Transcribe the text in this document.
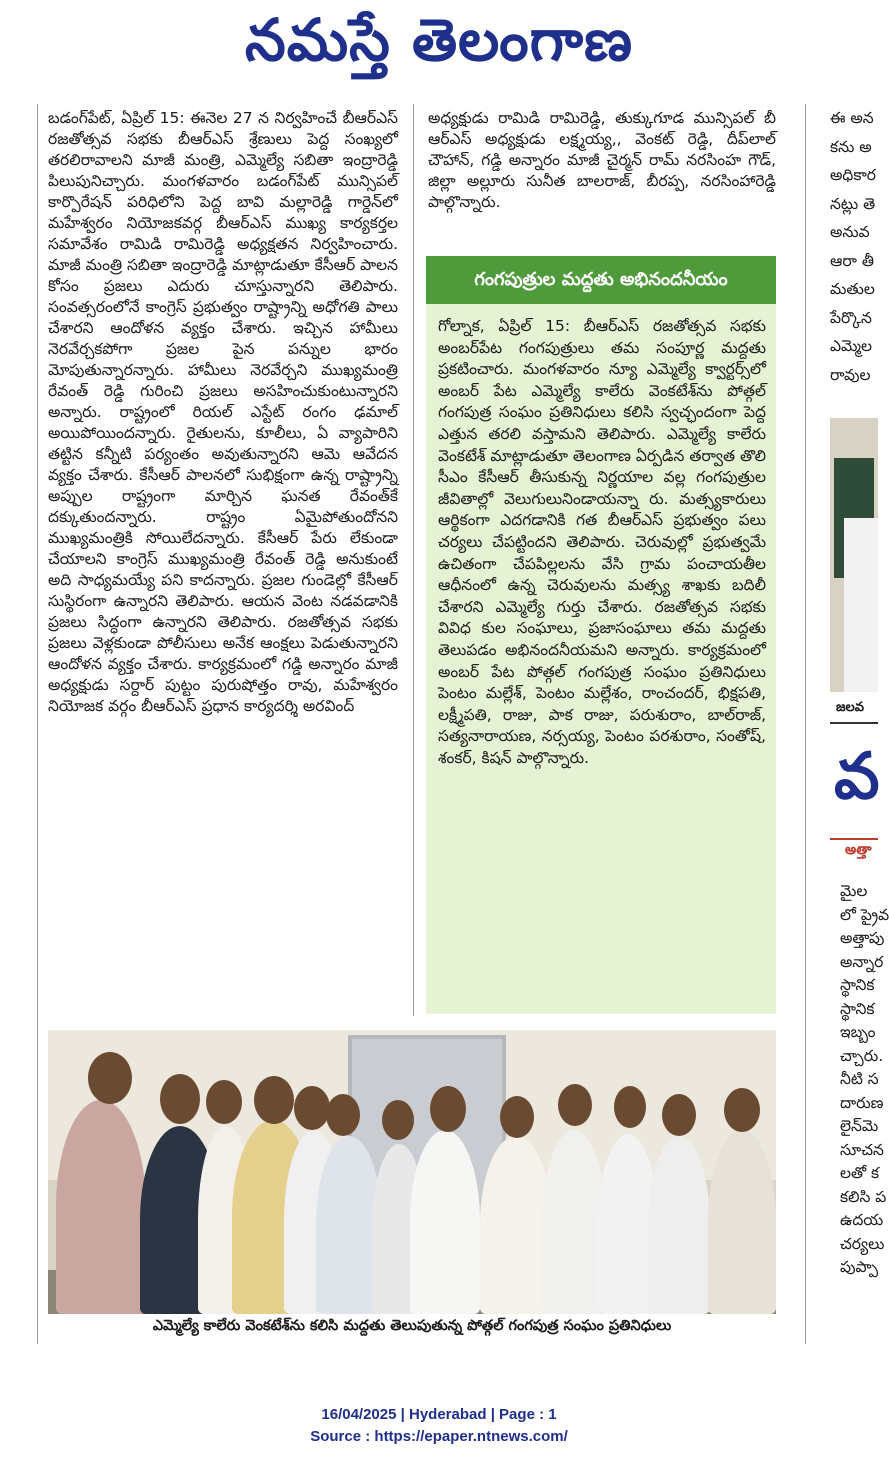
నమస్తే తెలంగాణ

బడంగ్‌పేట్, ఏప్రిల్ 15: ఈనెల 27 న నిర్వహించే బీఆర్ఎస్ రజతోత్సవ సభకు బీఆర్ఎస్ శ్రేణులు పెద్ద సంఖ్యలో తరలిరావాలని మాజీ మంత్రి, ఎమ్మెల్యే సబితా ఇంద్రారెడ్డి పిలుపునిచ్చారు. మంగళవారం బడంగ్‌పేట్ మున్సిపల్ కార్పొరేషన్ పరిధిలోని పెద్ద బావి మల్లారెడ్డి గార్డెన్‌లో మహేశ్వరం నియోజకవర్గ బీఆర్ఎస్ ముఖ్య కార్యకర్తల సమావేశం రామిడి రామిరెడ్డి అధ్యక్షతన నిర్వహించారు. మాజీ మంత్రి సబితా ఇంద్రారెడ్డి మాట్లాడుతూ కేసీఆర్ పాలన కోసం ప్రజలు ఎదురు చూస్తున్నారని తెలిపారు. సంవత్సరంలోనే కాంగ్రెస్ ప్రభుత్వం రాష్ట్రాన్ని అధోగతి పాలు చేశారని ఆందోళన వ్యక్తం చేశారు. ఇచ్చిన హామీలు నెరవేర్చకపోగా ప్రజల పైన పన్నుల భారం మోపుతున్నారన్నారు. హామీలు నెరవేర్చని ముఖ్యమంత్రి రేవంత్ రెడ్డి గురించి ప్రజలు అసహించుకుంటున్నారని అన్నారు. రాష్ట్రంలో రియల్ ఎస్టేట్ రంగం ఢమాల్ అయిపోయిందన్నారు. రైతులను, కూలీలు, ఏ వ్యాపారిని తట్టిన కన్నీటి పర్యంతం అవుతున్నారని ఆమె ఆవేదన వ్యక్తం చేశారు. కేసీఆర్ పాలనలో సుభిక్షంగా ఉన్న రాష్ట్రాన్ని అప్పుల రాష్ట్రంగా మార్చిన ఘనత రేవంత్‌కే దక్కుతుందన్నారు. రాష్ట్రం ఏమైపోతుందోనని ముఖ్యమంత్రికి సోయిలేదన్నారు. కేసీఆర్ పేరు లేకుండా చేయాలని కాంగ్రెస్ ముఖ్యమంత్రి రేవంత్ రెడ్డి అనుకుంటే అది సాధ్యమయ్యే పని కాదన్నారు. ప్రజల గుండెల్లో కేసీఆర్ సుస్థిరంగా ఉన్నారని తెలిపారు. ఆయన వెంట నడవడానికి ప్రజలు సిద్ధంగా ఉన్నారని తెలిపారు. రజతోత్సవ సభకు ప్రజలు వెళ్లకుండా పోలీసులు అనేక ఆంక్షలు పెడుతున్నారని ఆందోళన వ్యక్తం చేశారు. కార్యక్రమంలో గడ్డి అన్నారం మాజీ అధ్యక్షుడు సర్దార్ పుట్టం పురుషోత్తం రావు, మహేశ్వరం నియోజక వర్గం బీఆర్ఎస్ ప్రధాన కార్యదర్శి అరవింద్

అధ్యక్షుడు రామిడి రామిరెడ్డి, తుక్కుగూడ మున్సిపల్ బీ ఆర్ఎస్ అధ్యక్షుడు లక్ష్మయ్య,, వెంకట్ రెడ్డి, దీప్‌లాల్ చౌహాన్, గడ్డి అన్నారం మాజీ చైర్మన్ రామ్ నరసింహ గౌడ్, జిల్లా అల్లూరు సునీత బాలరాజ్, బీరప్ప, నరసింహారెడ్డి పాల్గొన్నారు.

గంగపుత్రుల మద్దతు అభినందనీయం
గోల్నాక, ఏప్రిల్ 15: బీఆర్ఎస్ రజతోత్సవ సభకు అంబర్‌పేట గంగపుత్రులు తమ సంపూర్ణ మద్దతు ప్రకటించారు. మంగళవారం న్యూ ఎమ్మెల్యే క్వార్టర్స్‌లో అంబర్ పేట ఎమ్మెల్యే కాలేరు వెంకటేశ్‌ను పోత్గల్ గంగపుత్ర సంఘం ప్రతినిధులు కలిసి స్వచ్ఛందంగా పెద్ద ఎత్తున తరలి వస్తామని తెలిపారు. ఎమ్మెల్యే కాలేరు వెంకటేశ్ మాట్లాడుతూ తెలంగాణ ఏర్పడిన తర్వాత తొలి సీఎం కేసీఆర్ తీసుకున్న నిర్ణయాల వల్ల గంగపుత్రుల జీవితాల్లో వెలుగులునిండాయన్నా రు. మత్స్యకారులు ఆర్థికంగా ఎదగడానికి గత బీఆర్ఎస్ ప్రభుత్వం పలు చర్యలు చేపట్టిందని తెలిపారు. చెరువుల్లో ప్రభుత్వమే ఉచితంగా చేపపిల్లలను వేసి గ్రామ పంచాయతీల ఆధీనంలో ఉన్న చెరువులను మత్స్య శాఖకు బదిలీ చేశారని ఎమ్మెల్యే గుర్తు చేశారు. రజతోత్సవ సభకు వివిధ కుల సంఘాలు, ప్రజాసంఘాలు తమ మద్దతు తెలుపడం అభినందనీయమని అన్నారు. కార్యక్రమంలో అంబర్ పేట పోత్గల్ గంగపుత్ర సంఘం ప్రతినిధులు పెంటం మల్లేశ్, పెంటం మల్లేశం, రాంచందర్, భిక్షపతి, లక్ష్మీపతి, రాజు, పాక రాజు, పరుశురాం, బాల్‌రాజ్, సత్యనారాయణ, నర్సయ్య, పెంటం పరశురాం, సంతోష్, శంకర్, కిషన్ పాల్గొన్నారు.
ఎమ్మెల్యే కాలేరు వెంకటేశ్‌ను కలిసి మద్దతు తెలుపుతున్న పోత్గల్ గంగపుత్ర సంఘం ప్రతినిధులు
ఈ అన
కను అ
అధికార
నట్లు తె
అనువ
ఆరా తీ
మతుల
పేర్కొన
ఎమ్మెల
రావుల
జలవ
వ
అత్తా
మైల
లో ప్రైవ
అత్తాపు
అన్నార
స్థానిక
స్థానిక
ఇబ్బం
చ్చారు.
నీటి స
దారుణ
లైన్‌మె
సూచన
లతో క
కలిసి ప
ఉదయ
చర్యలు
పుప్పా
16/04/2025 | Hyderabad | Page : 1
Source : https://epaper.ntnews.com/
